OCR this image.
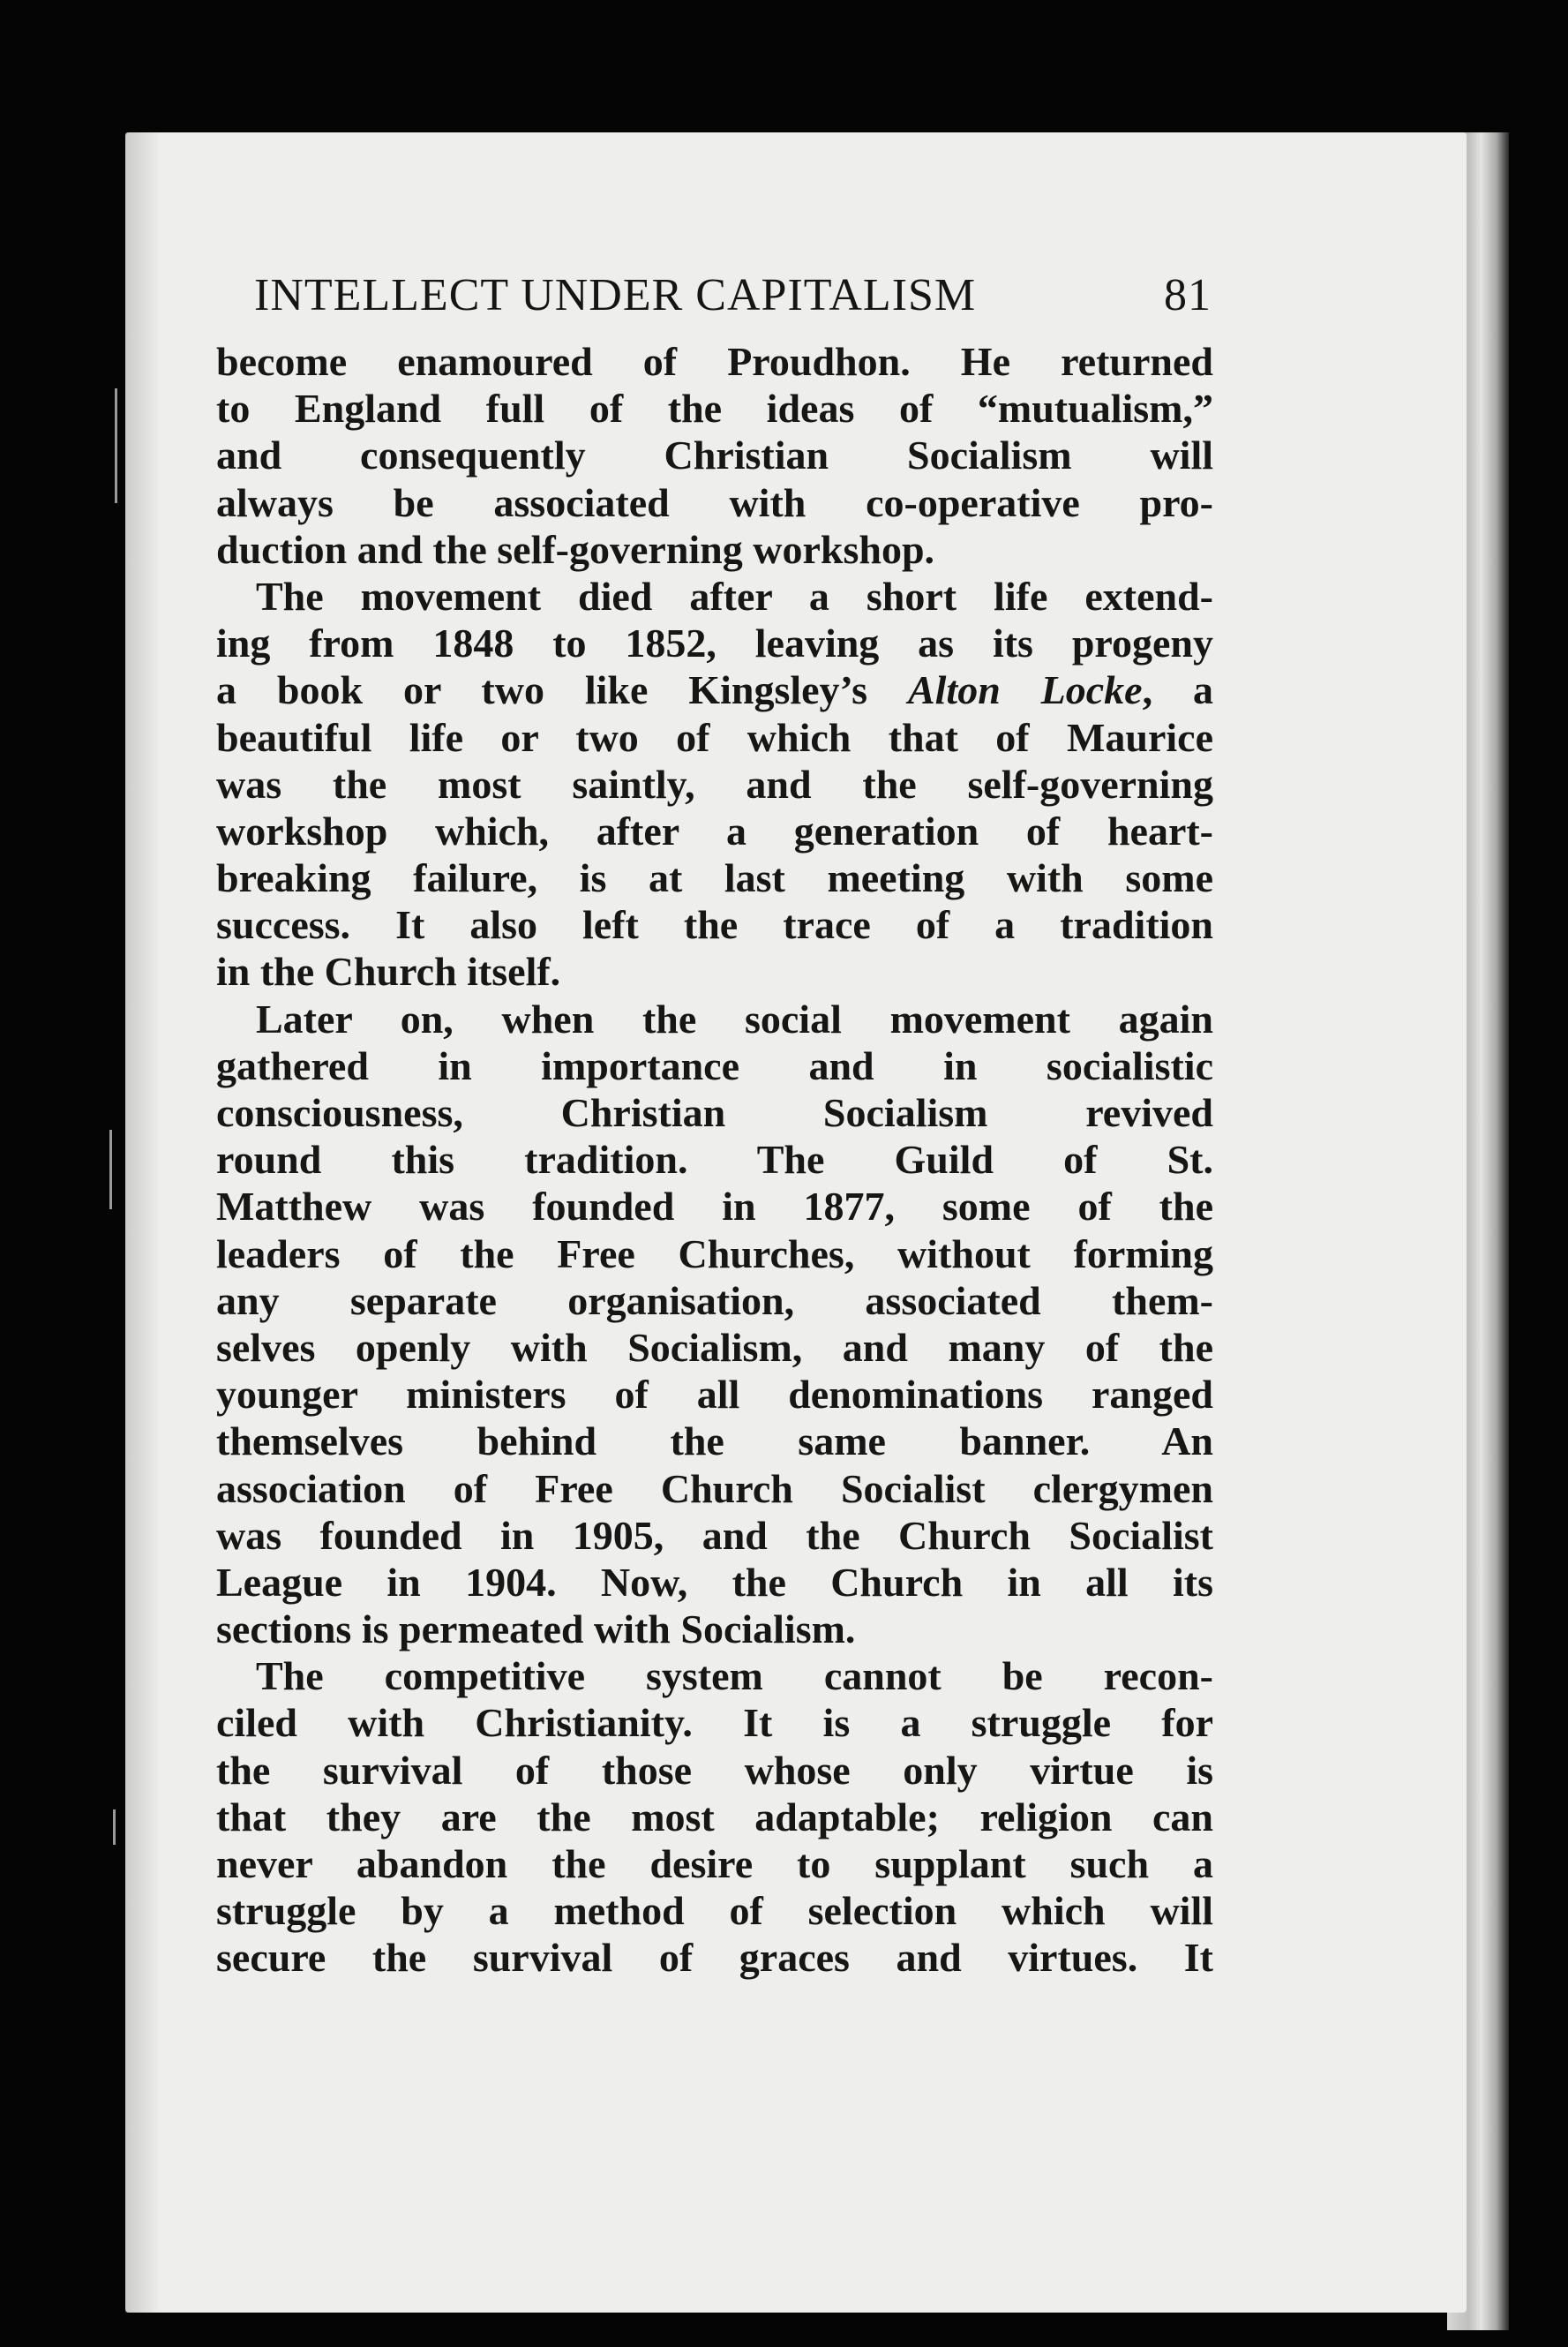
INTELLECT UNDER CAPITALISM	81
become enamoured of Proudhon. He returned
to England full of the ideas of “mutualism,”
and consequently Christian Socialism will
always be associated with co-operative pro-
duction and the self-governing workshop.
The movement died after a short life extend-
ing from 1848 to 1852, leaving as its progeny
a book or two like Kingsley’s Alton Locke, a
beautiful life or two of which that of Maurice
was the most saintly, and the self-governing
workshop which, after a generation of heart-
breaking failure, is at last meeting with some
success. It also left the trace of a tradition
in the Church itself.
Later on, when the social movement again
gathered in importance and in socialistic
consciousness, Christian Socialism revived
round this tradition. The Guild of St.
Matthew was founded in 1877, some of the
leaders of the Free Churches, without forming
any separate organisation, associated them-
selves openly with Socialism, and many of the
younger ministers of all denominations ranged
themselves behind the same banner. An
association of Free Church Socialist clergymen
was founded in 1905, and the Church Socialist
League in 1904. Now, the Church in all its
sections is permeated with Socialism.
The competitive system cannot be recon-
ciled with Christianity. It is a struggle for
the survival of those whose only virtue is
that they are the most adaptable; religion can
never abandon the desire to supplant such a
struggle by a method of selection which will
secure the survival of graces and virtues. It
